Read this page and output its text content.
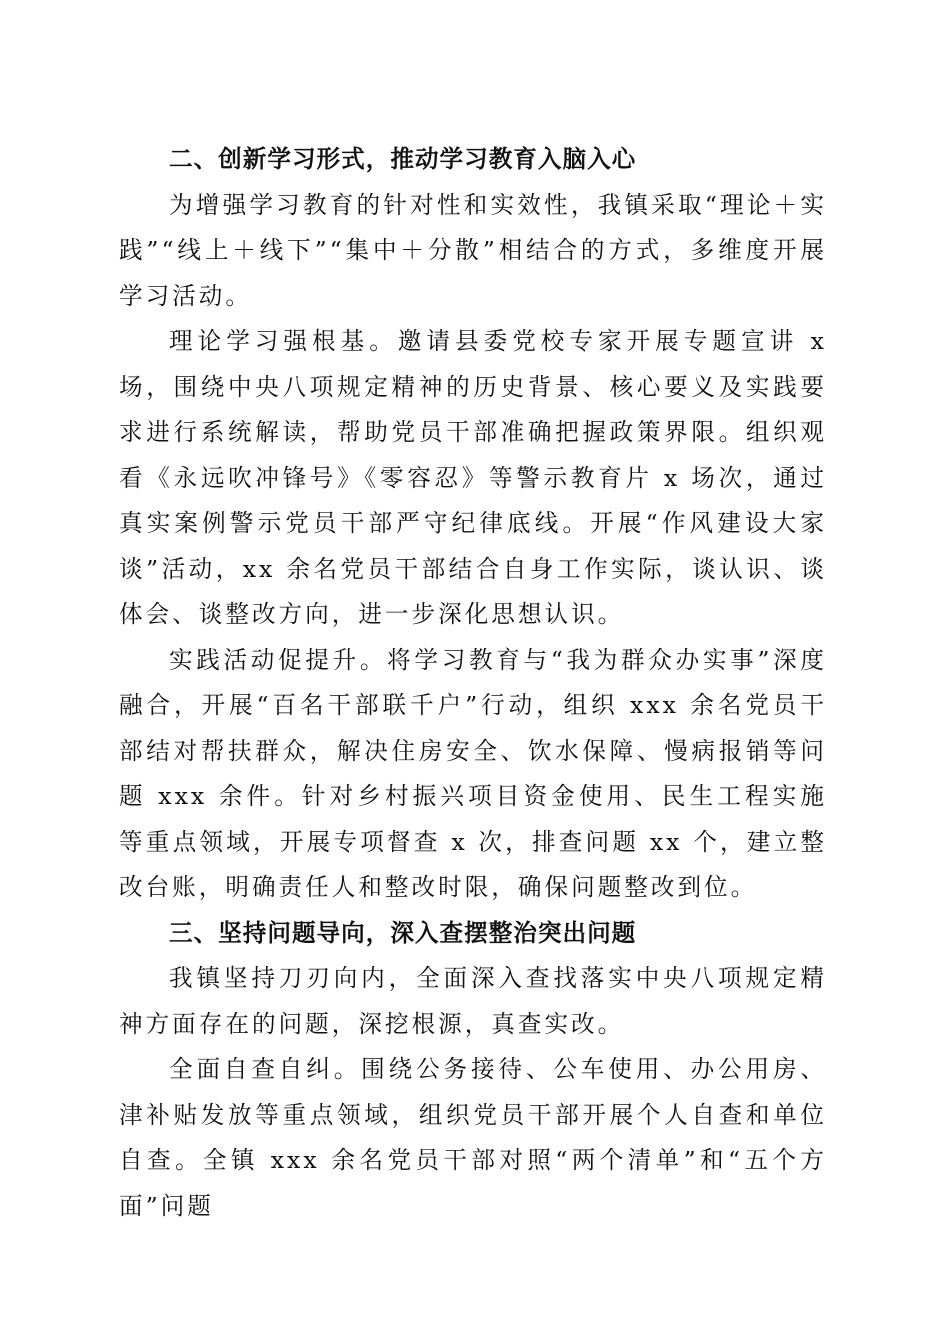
二、创新学习形式，推动学习教育入脑入心

为增强学习教育的针对性和实效性，我镇采取“理论＋实践”“线上＋线下”“集中＋分散”相结合的方式，多维度开展学习活动。

理论学习强根基。邀请县委党校专家开展专题宣讲 x 场，围绕中央八项规定精神的历史背景、核心要义及实践要求进行系统解读，帮助党员干部准确把握政策界限。组织观看《永远吹冲锋号》《零容忍》等警示教育片 x 场次，通过真实案例警示党员干部严守纪律底线。开展“作风建设大家谈”活动，xx 余名党员干部结合自身工作实际，谈认识、谈体会、谈整改方向，进一步深化思想认识。

实践活动促提升。将学习教育与“我为群众办实事”深度融合，开展“百名干部联千户”行动，组织 xxx 余名党员干部结对帮扶群众，解决住房安全、饮水保障、慢病报销等问题 xxx 余件。针对乡村振兴项目资金使用、民生工程实施等重点领域，开展专项督查 x 次，排查问题 xx 个，建立整改台账，明确责任人和整改时限，确保问题整改到位。

三、坚持问题导向，深入查摆整治突出问题

我镇坚持刀刃向内，全面深入查找落实中央八项规定精神方面存在的问题，深挖根源，真查实改。

全面自查自纠。围绕公务接待、公车使用、办公用房、津补贴发放等重点领域，组织党员干部开展个人自查和单位自查。全镇 xxx 余名党员干部对照“两个清单”和“五个方面”问题
